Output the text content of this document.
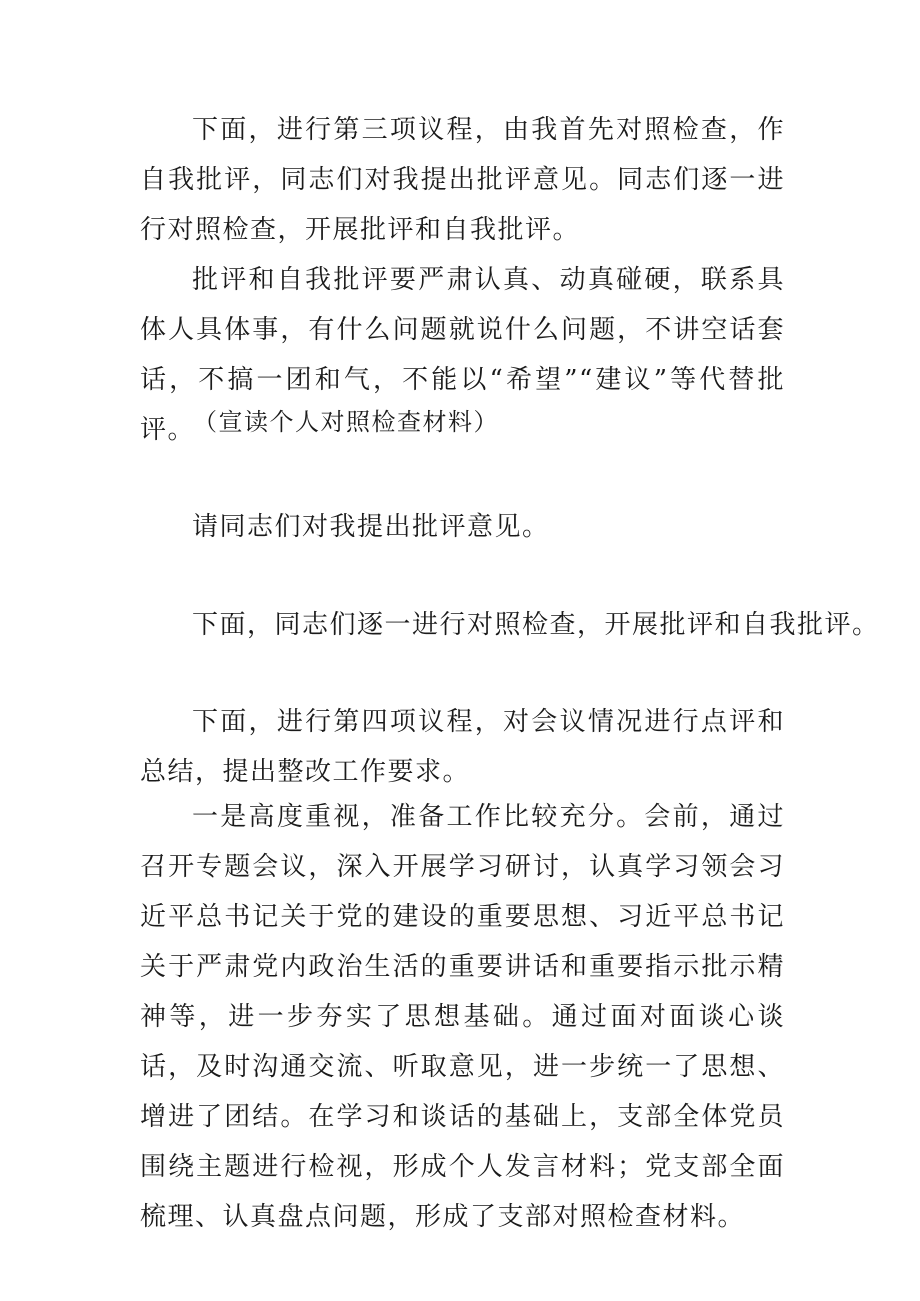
下面，进行第三项议程，由我首先对照检查，作自我批评，同志们对我提出批评意见。同志们逐一进行对照检查，开展批评和自我批评。

批评和自我批评要严肃认真、动真碰硬，联系具体人具体事，有什么问题就说什么问题，不讲空话套话，不搞一团和气，不能以“希望”“建议”等代替批评。

（宣读个人对照检查材料）

请同志们对我提出批评意见。

下面，同志们逐一进行对照检查，开展批评和自我批评。

下面，进行第四项议程，对会议情况进行点评和总结，提出整改工作要求。

一是高度重视，准备工作比较充分。会前，通过召开专题会议，深入开展学习研讨，认真学习领会习近平总书记关于党的建设的重要思想、习近平总书记关于严肃党内政治生活的重要讲话和重要指示批示精神等，进一步夯实了思想基础。通过面对面谈心谈话，及时沟通交流、听取意见，进一步统一了思想、增进了团结。在学习和谈话的基础上，支部全体党员围绕主题进行检视，形成个人发言材料；党支部全面梳理、认真盘点问题，形成了支部对照检查材料。
